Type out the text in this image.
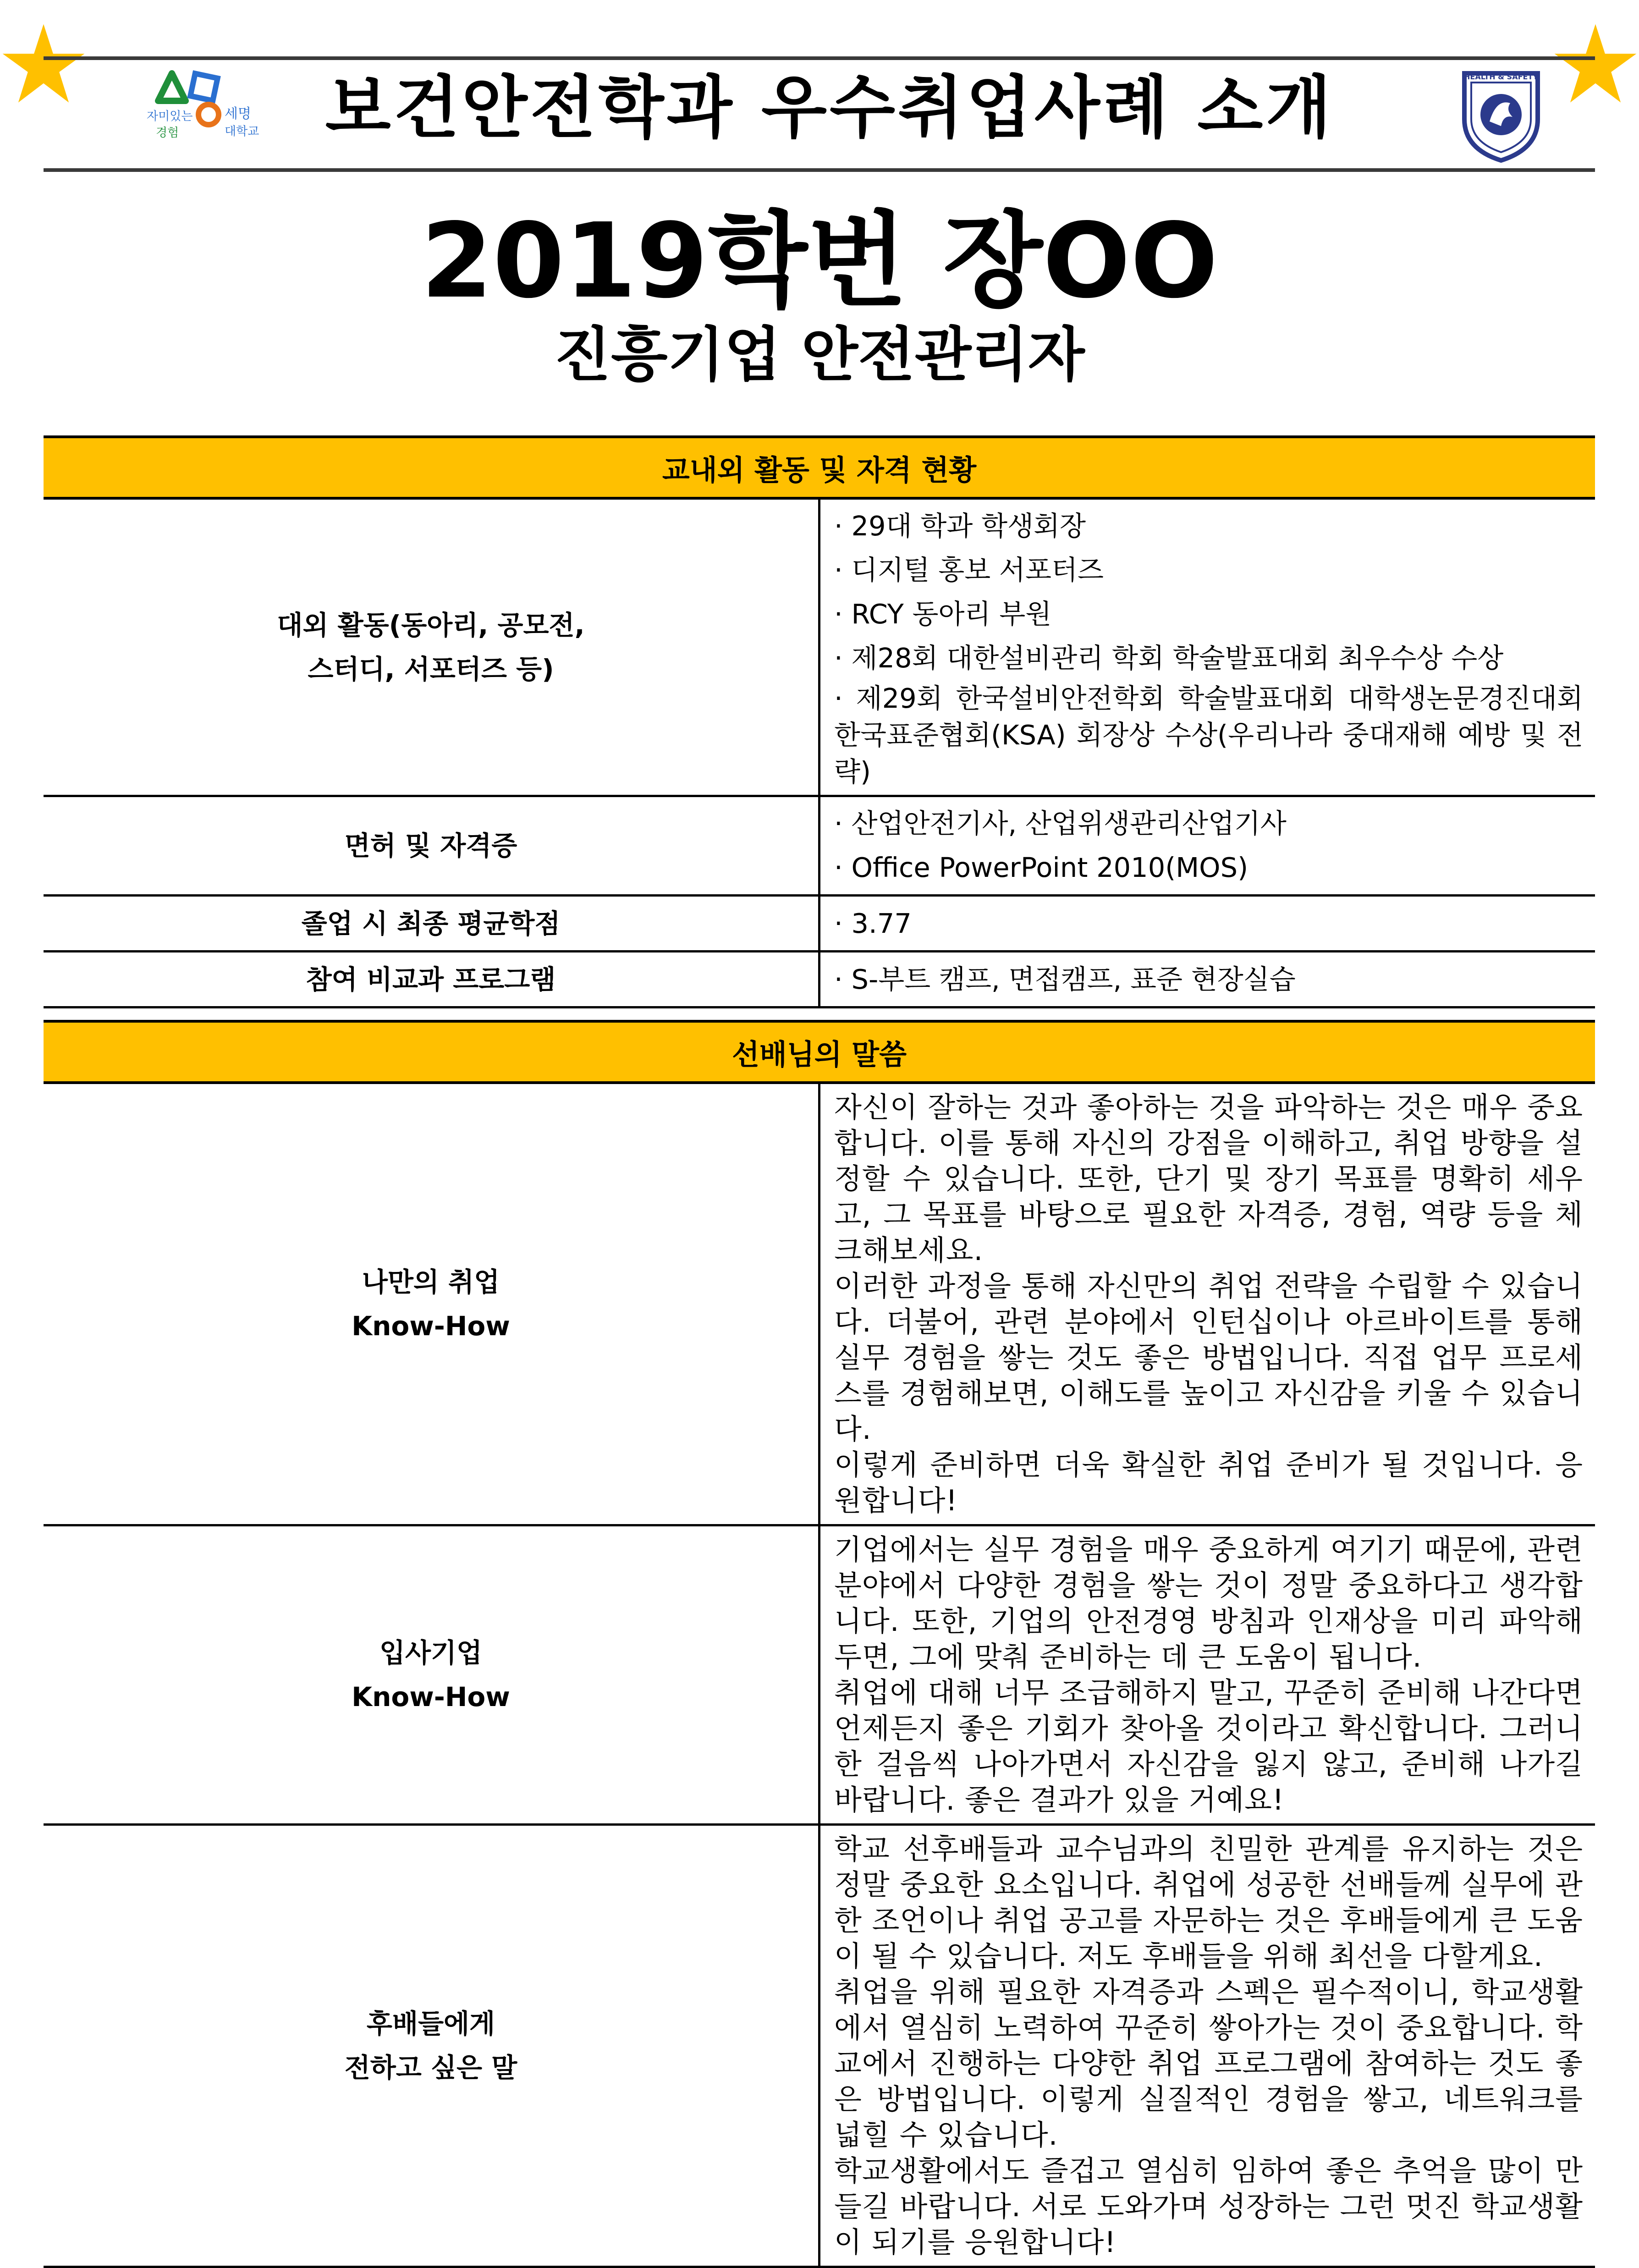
자미있는
경험
세명
대학교
HEALTH & SAFETY
보건안전학과 우수취업사례 소개
2019학번 장OO
진흥기업 안전관리자
교내외 활동 및 자격 현황	

대외 활동(동아리, 공모전,
스터디, 서포터즈 등)	· 29대 학과 학생회장
· 디지털 홍보 서포터즈
· RCY 동아리 부원
· 제28회 대한설비관리 학회 학술발표대회 최우수상 수상
· 제29회 한국설비안전학회 학술발표대회 대학생논문경진대회 한국표준협회(KSA) 회장상 수상(우리나라 중대재해 예방 및 전략)

면허 및 자격증	· 산업안전기사, 산업위생관리산업기사
· Office PowerPoint 2010(MOS)

졸업 시 최종 평균학점	· 3.77

참여 비교과 프로그램	· S-부트 캠프, 면접캠프, 표준 현장실습
선배님의 말씀	

나만의 취업
Know-How	자신이 잘하는 것과 좋아하는 것을 파악하는 것은 매우 중요합니다. 이를 통해 자신의 강점을 이해하고, 취업 방향을 설정할 수 있습니다. 또한, 단기 및 장기 목표를 명확히 세우고, 그 목표를 바탕으로 필요한 자격증, 경험, 역량 등을 체크해보세요.
이러한 과정을 통해 자신만의 취업 전략을 수립할 수 있습니다. 더불어, 관련 분야에서 인턴십이나 아르바이트를 통해 실무 경험을 쌓는 것도 좋은 방법입니다. 직접 업무 프로세스를 경험해보면, 이해도를 높이고 자신감을 키울 수 있습니다.
이렇게 준비하면 더욱 확실한 취업 준비가 될 것입니다. 응원합니다!

입사기업
Know-How	기업에서는 실무 경험을 매우 중요하게 여기기 때문에, 관련 분야에서 다양한 경험을 쌓는 것이 정말 중요하다고 생각합니다. 또한, 기업의 안전경영 방침과 인재상을 미리 파악해 두면, 그에 맞춰 준비하는 데 큰 도움이 됩니다.
취업에 대해 너무 조급해하지 말고, 꾸준히 준비해 나간다면 언제든지 좋은 기회가 찾아올 것이라고 확신합니다. 그러니 한 걸음씩 나아가면서 자신감을 잃지 않고, 준비해 나가길 바랍니다. 좋은 결과가 있을 거예요!

후배들에게
전하고 싶은 말	학교 선후배들과 교수님과의 친밀한 관계를 유지하는 것은 정말 중요한 요소입니다. 취업에 성공한 선배들께 실무에 관한 조언이나 취업 공고를 자문하는 것은 후배들에게 큰 도움이 될 수 있습니다. 저도 후배들을 위해 최선을 다할게요.
취업을 위해 필요한 자격증과 스펙은 필수적이니, 학교생활에서 열심히 노력하여 꾸준히 쌓아가는 것이 중요합니다. 학교에서 진행하는 다양한 취업 프로그램에 참여하는 것도 좋은 방법입니다. 이렇게 실질적인 경험을 쌓고, 네트워크를 넓힐 수 있습니다.
학교생활에서도 즐겁고 열심히 임하여 좋은 추억을 많이 만들길 바랍니다. 서로 도와가며 성장하는 그런 멋진 학교생활이 되기를 응원합니다!
